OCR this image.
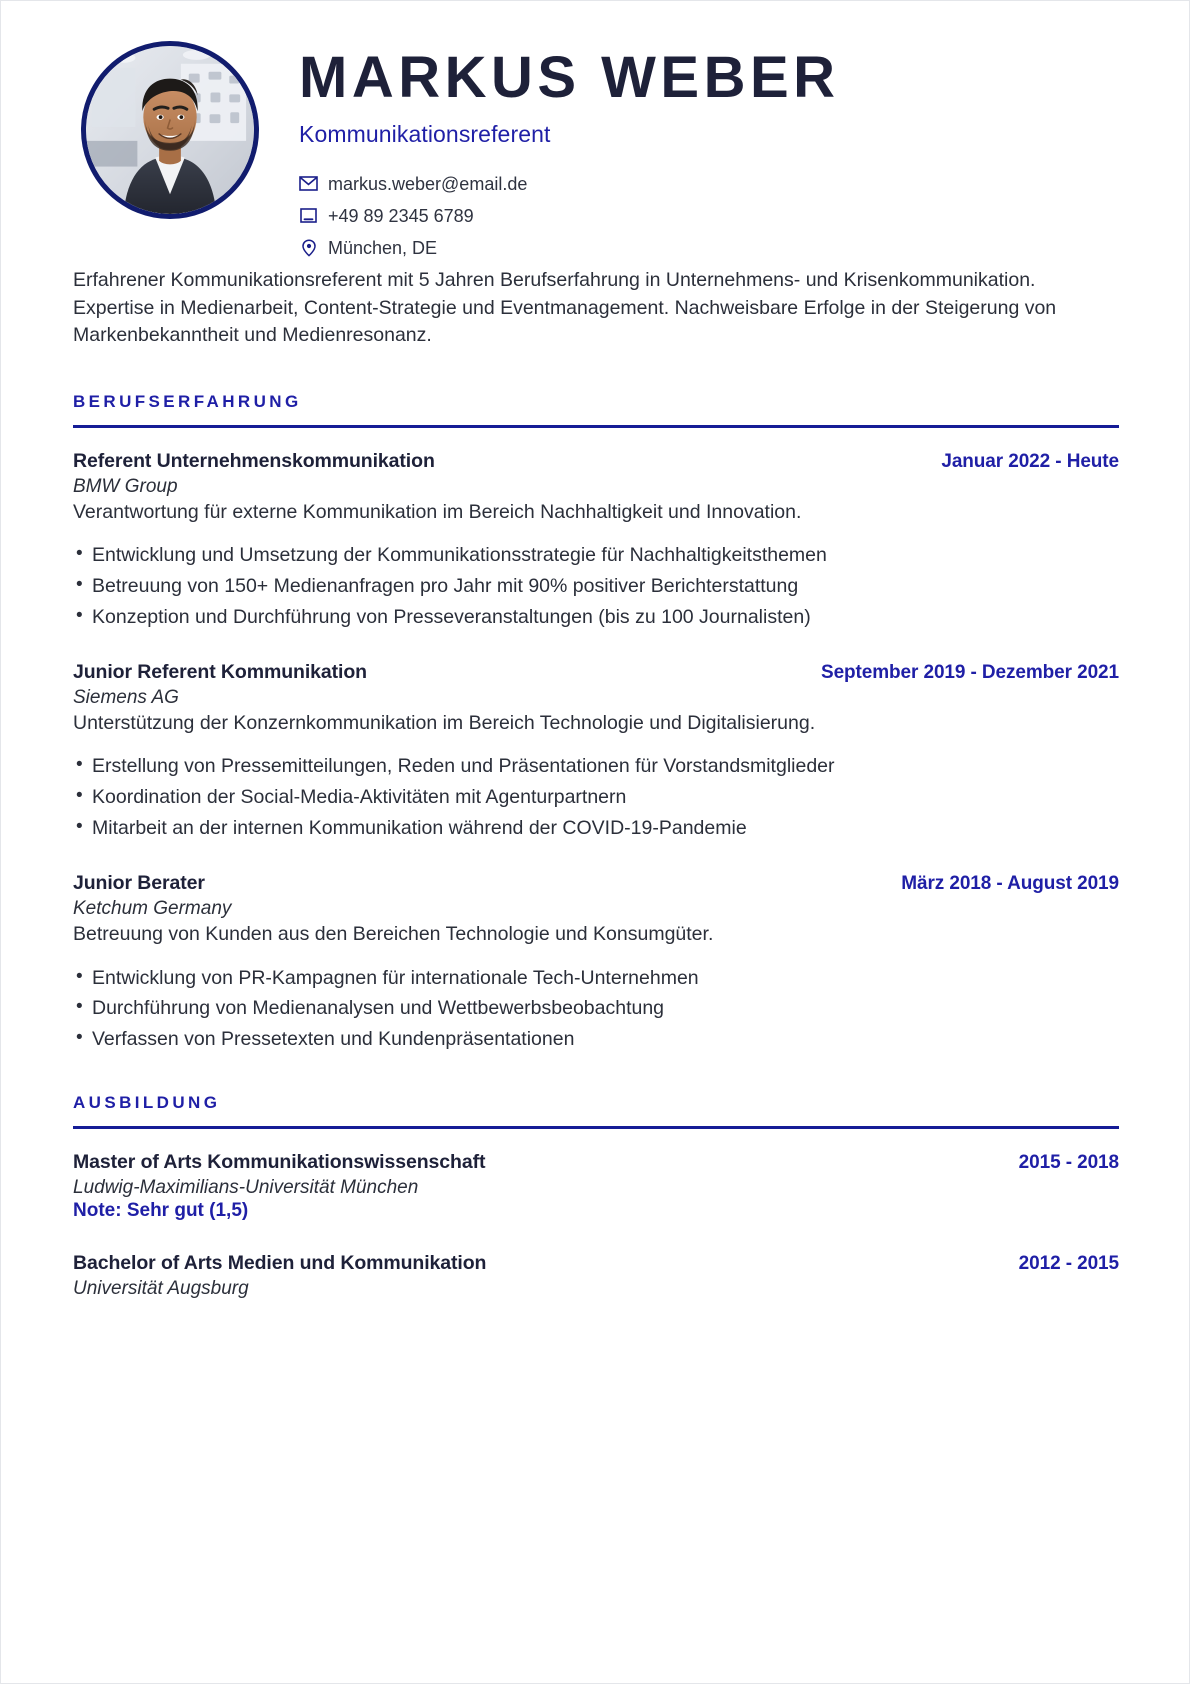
MARKUS WEBER
Kommunikationsreferent
markus.weber@email.de
+49 89 2345 6789
München, DE

Erfahrener Kommunikationsreferent mit 5 Jahren Berufserfahrung in Unternehmens- und Krisenkommunikation. Expertise in Medienarbeit, Content-Strategie und Eventmanagement. Nachweisbare Erfolge in der Steigerung von Markenbekanntheit und Medienresonanz.

BERUFSERFAHRUNG
Referent Unternehmenskommunikation	Januar 2022 - Heute
BMW Group
Verantwortung für externe Kommunikation im Bereich Nachhaltigkeit und Innovation.
• Entwicklung und Umsetzung der Kommunikationsstrategie für Nachhaltigkeitsthemen
• Betreuung von 150+ Medienanfragen pro Jahr mit 90% positiver Berichterstattung
• Konzeption und Durchführung von Presseveranstaltungen (bis zu 100 Journalisten)
Junior Referent Kommunikation	September 2019 - Dezember 2021
Siemens AG
Unterstützung der Konzernkommunikation im Bereich Technologie und Digitalisierung.
• Erstellung von Pressemitteilungen, Reden und Präsentationen für Vorstandsmitglieder
• Koordination der Social-Media-Aktivitäten mit Agenturpartnern
• Mitarbeit an der internen Kommunikation während der COVID-19-Pandemie
Junior Berater	März 2018 - August 2019
Ketchum Germany
Betreuung von Kunden aus den Bereichen Technologie und Konsumgüter.
• Entwicklung von PR-Kampagnen für internationale Tech-Unternehmen
• Durchführung von Medienanalysen und Wettbewerbsbeobachtung
• Verfassen von Pressetexten und Kundenpräsentationen
AUSBILDUNG
Master of Arts Kommunikationswissenschaft	2015 - 2018
Ludwig-Maximilians-Universität München
Note: Sehr gut (1,5)
Bachelor of Arts Medien und Kommunikation	2012 - 2015
Universität Augsburg
